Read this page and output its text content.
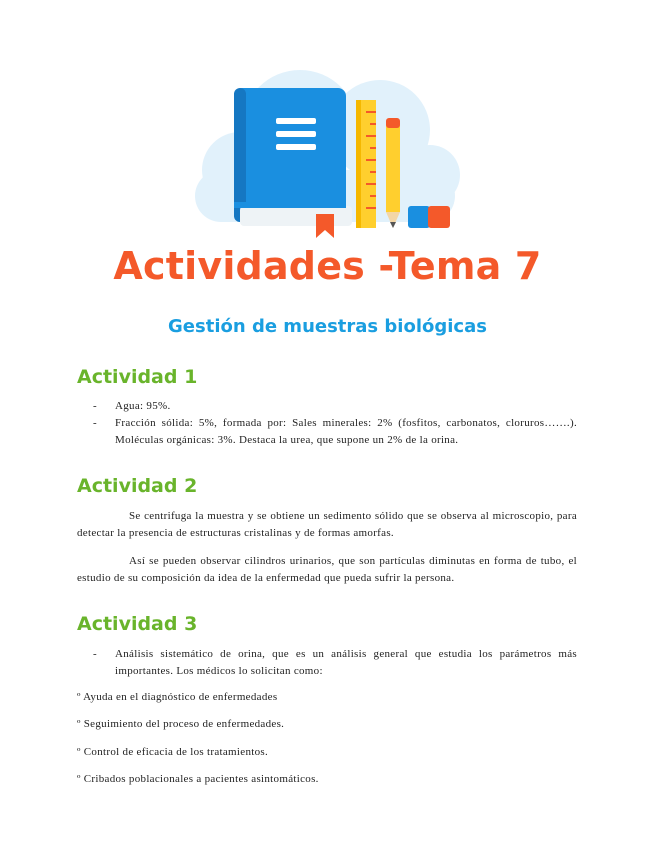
Actividades -Tema 7
Gestión de muestras biológicas
Actividad 1
- Agua: 95%.
- Fracción sólida: 5%, formada por: Sales minerales: 2% (fosfitos, carbonatos, cloruros…….). Moléculas orgánicas: 3%. Destaca la urea, que supone un 2% de la orina.
Actividad 2

Se centrifuga la muestra y se obtiene un sedimento sólido que se observa al microscopio, para detectar la presencia de estructuras cristalinas y de formas amorfas.

Así se pueden observar cilindros urinarios, que son partículas diminutas en forma de tubo, el estudio de su composición da idea de la enfermedad que pueda sufrir la persona.

Actividad 3
- Análisis sistemático de orina, que es un análisis general que estudia los parámetros más importantes. Los médicos lo solicitan como:

º Ayuda en el diagnóstico de enfermedades

º Seguimiento del proceso de enfermedades.

º Control de eficacia de los tratamientos.

º Cribados poblacionales a pacientes asintomáticos.
